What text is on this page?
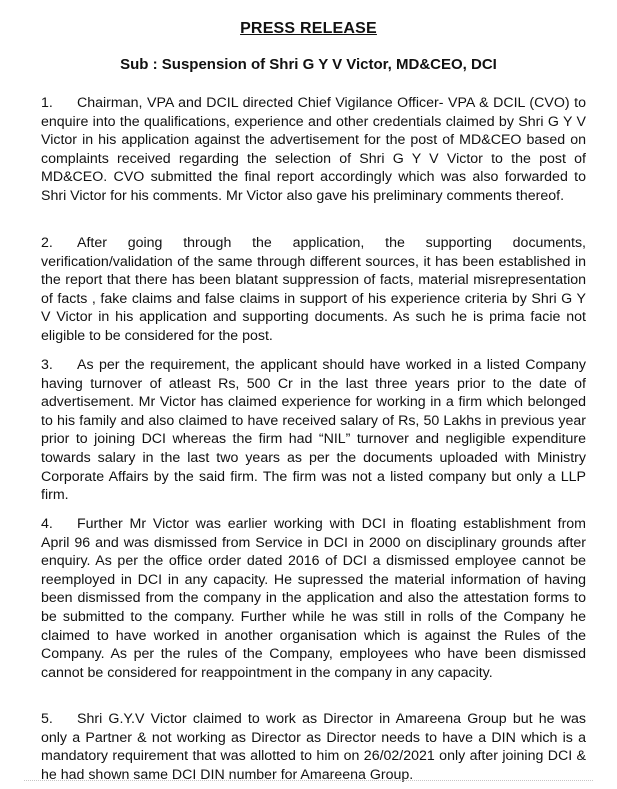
PRESS RELEASE
Sub : Suspension of Shri G Y V Victor, MD&CEO, DCI

1. Chairman, VPA and DCIL directed Chief Vigilance Officer- VPA & DCIL (CVO) to enquire into the qualifications, experience and other credentials claimed by Shri G Y V Victor in his application against the advertisement for the post of MD&CEO based on complaints received regarding the selection of Shri G Y V Victor to the post of MD&CEO. CVO submitted the final report accordingly which was also forwarded to Shri Victor for his comments. Mr Victor also gave his preliminary comments thereof.

2. After going through the application, the supporting documents, verification/validation of the same through different sources, it has been established in the report that there has been blatant suppression of facts, material misrepresentation of facts , fake claims and false claims in support of his experience criteria by Shri G Y V Victor in his application and supporting documents. As such he is prima facie not eligible to be considered for the post.

3. As per the requirement, the applicant should have worked in a listed Company having turnover of atleast Rs, 500 Cr in the last three years prior to the date of advertisement. Mr Victor has claimed experience for working in a firm which belonged to his family and also claimed to have received salary of Rs, 50 Lakhs in previous year prior to joining DCI whereas the firm had “NIL” turnover and negligible expenditure towards salary in the last two years as per the documents uploaded with Ministry Corporate Affairs by the said firm. The firm was not a listed company but only a LLP firm.

4. Further Mr Victor was earlier working with DCI in floating establishment from April 96 and was dismissed from Service in DCI in 2000 on disciplinary grounds after enquiry. As per the office order dated 2016 of DCI a dismissed employee cannot be reemployed in DCI in any capacity. He supressed the material information of having been dismissed from the company in the application and also the attestation forms to be submitted to the company. Further while he was still in rolls of the Company he claimed to have worked in another organisation which is against the Rules of the Company. As per the rules of the Company, employees who have been dismissed cannot be considered for reappointment in the company in any capacity.

5. Shri G.Y.V Victor claimed to work as Director in Amareena Group but he was only a Partner & not working as Director as Director needs to have a DIN which is a mandatory requirement that was allotted to him on 26/02/2021 only after joining DCI & he had shown same DCI DIN number for Amareena Group.
